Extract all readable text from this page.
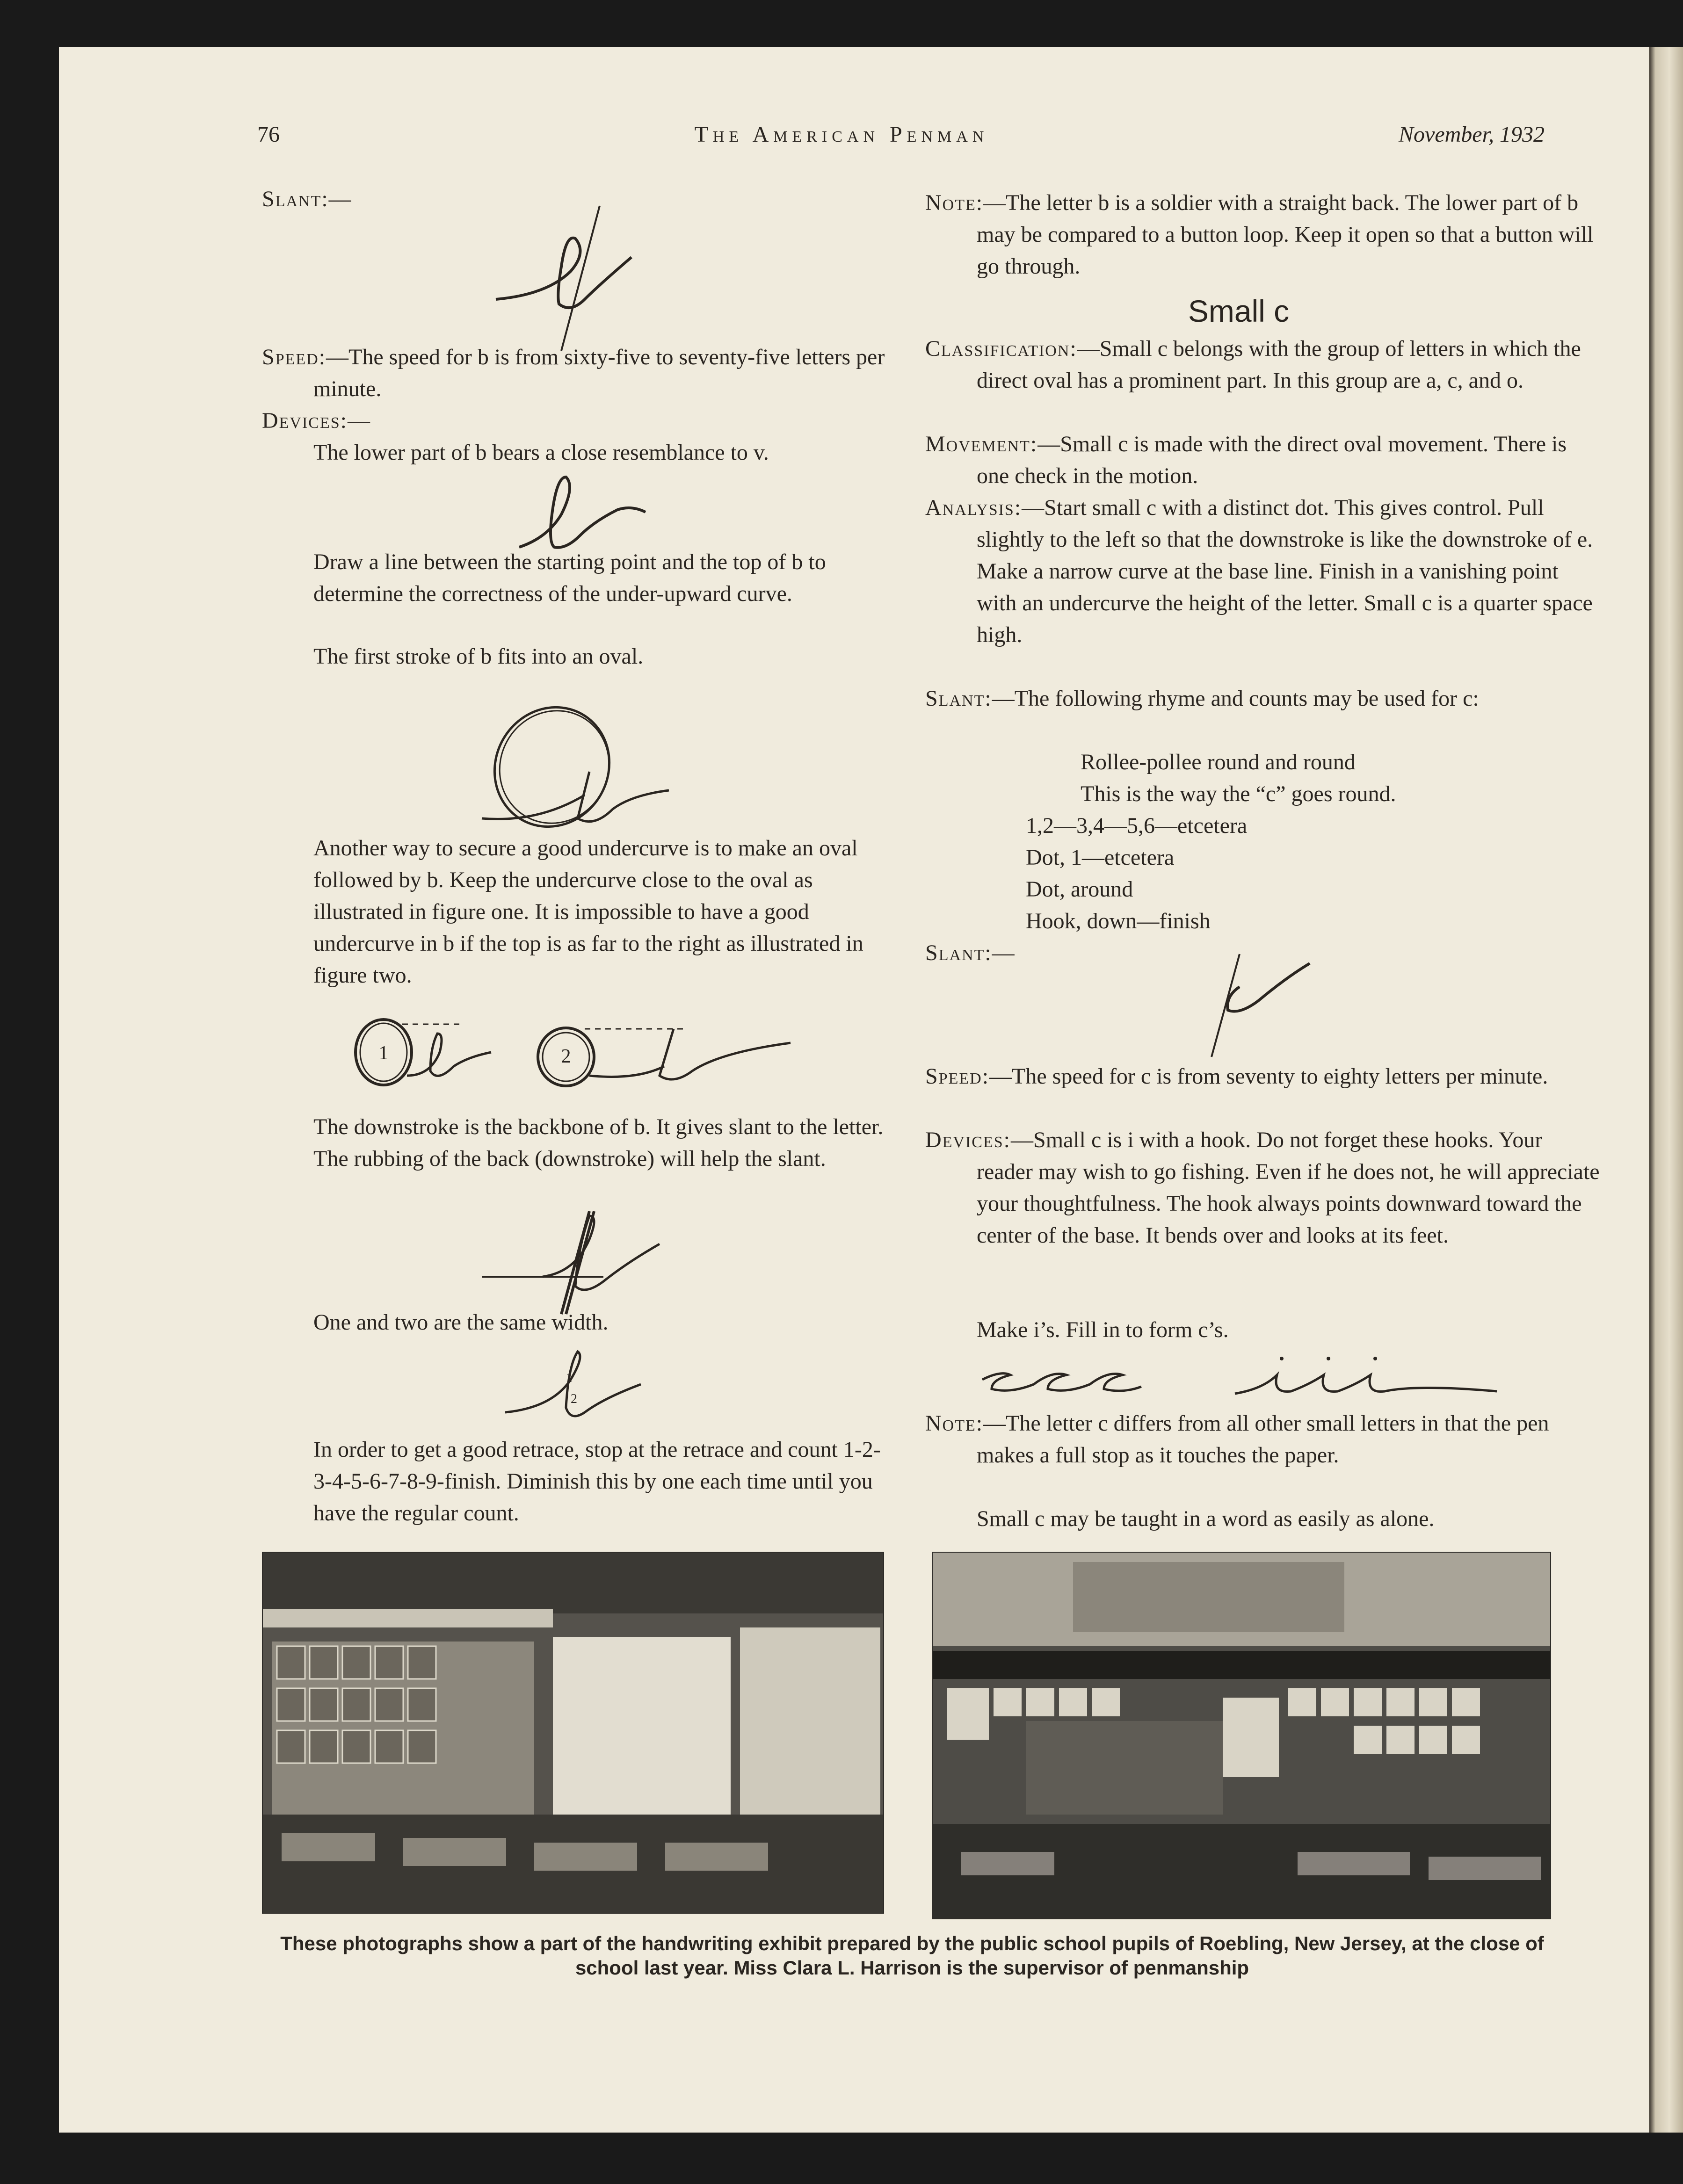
76	The American Penman	November, 1932

Slant:—

Speed:—The speed for b is from sixty-five to seventy-five letters per minute.

Devices:—

The lower part of b bears a close resemblance to v.

Draw a line between the starting point and the top of b to determine the correctness of the under-upward curve.

The first stroke of b fits into an oval.

Another way to secure a good undercurve is to make an oval followed by b. Keep the undercurve close to the oval as illustrated in figure one. It is impossible to have a good undercurve in b if the top is as far to the right as illustrated in figure two.

The downstroke is the backbone of b. It gives slant to the letter. The rubbing of the back (downstroke) will help the slant.

One and two are the same width.

In order to get a good retrace, stop at the retrace and count 1-2-3-4-5-6-7-8-9-finish. Diminish this by one each time until you have the regular count.

1	2
1
2

Note:—The letter b is a soldier with a straight back. The lower part of b may be compared to a button loop. Keep it open so that a button will go through.

Small c

Classification:—Small c belongs with the group of letters in which the direct oval has a prominent part. In this group are a, c, and o.

Movement:—Small c is made with the direct oval movement. There is one check in the motion.

Analysis:—Start small c with a distinct dot. This gives control. Pull slightly to the left so that the downstroke is like the downstroke of e. Make a narrow curve at the base line. Finish in a vanishing point with an undercurve the height of the letter. Small c is a quarter space high.

Slant:—The following rhyme and counts may be used for c:

Rollee-pollee round and round

This is the way the “c” goes round.

1,2—3,4—5,6—etcetera

Dot, 1—etcetera

Dot, around

Hook, down—finish

Slant:—

Speed:—The speed for c is from seventy to eighty letters per minute.

Devices:—Small c is i with a hook. Do not forget these hooks. Your reader may wish to go fishing. Even if he does not, he will appreciate your thoughtfulness. The hook always points downward toward the center of the base. It bends over and looks at its feet.

Make i’s. Fill in to form c’s.

Note:—The letter c differs from all other small letters in that the pen makes a full stop as it touches the paper.

Small c may be taught in a word as easily as alone.

These photographs show a part of the handwriting exhibit prepared by the public school pupils of Roebling, New Jersey, at the close of school last year. Miss Clara L. Harrison is the supervisor of penmanship
